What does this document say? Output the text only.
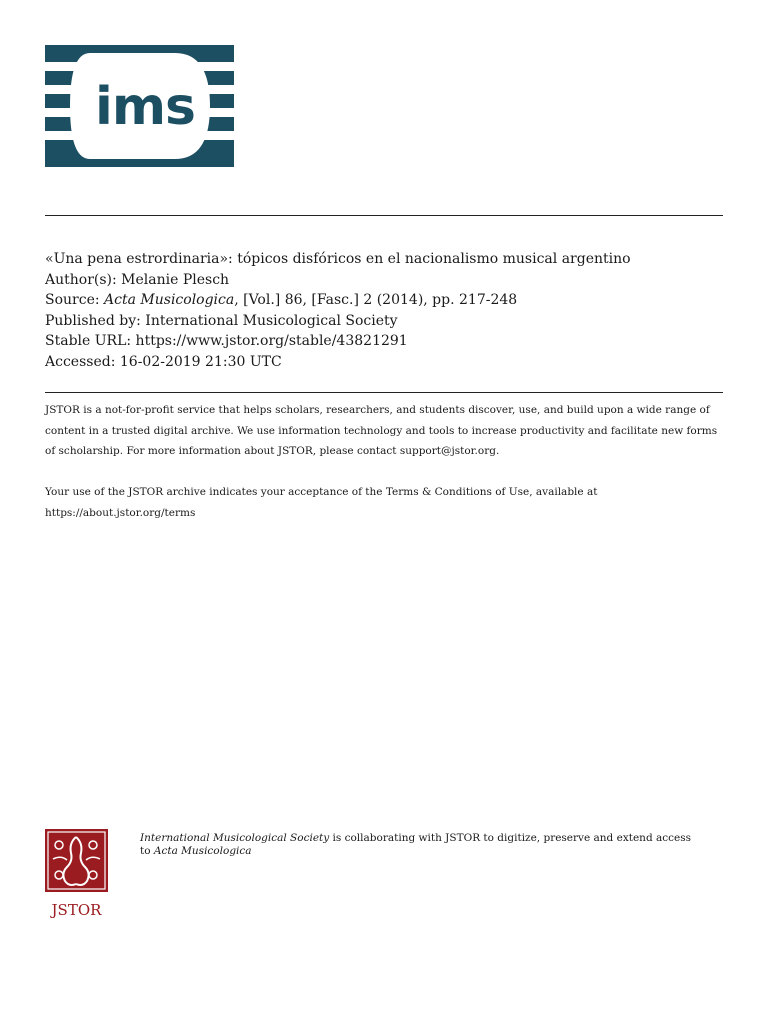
ims
«Una pena estrordinaria»: tópicos disfóricos en el nacionalismo musical argentino
Author(s): Melanie Plesch
Source: Acta Musicologica, [Vol.] 86, [Fasc.] 2 (2014), pp. 217-248
Published by: International Musicological Society
Stable URL: https://www.jstor.org/stable/43821291
Accessed: 16-02-2019 21:30 UTC

JSTOR is a not-for-profit service that helps scholars, researchers, and students discover, use, and build upon a wide range of content in a trusted digital archive. We use information technology and tools to increase productivity and facilitate new forms of scholarship. For more information about JSTOR, please contact support@jstor.org.

Your use of the JSTOR archive indicates your acceptance of the Terms & Conditions of Use, available at https://about.jstor.org/terms

JSTOR
International Musicological Society is collaborating with JSTOR to digitize, preserve and extend access to Acta Musicologica
